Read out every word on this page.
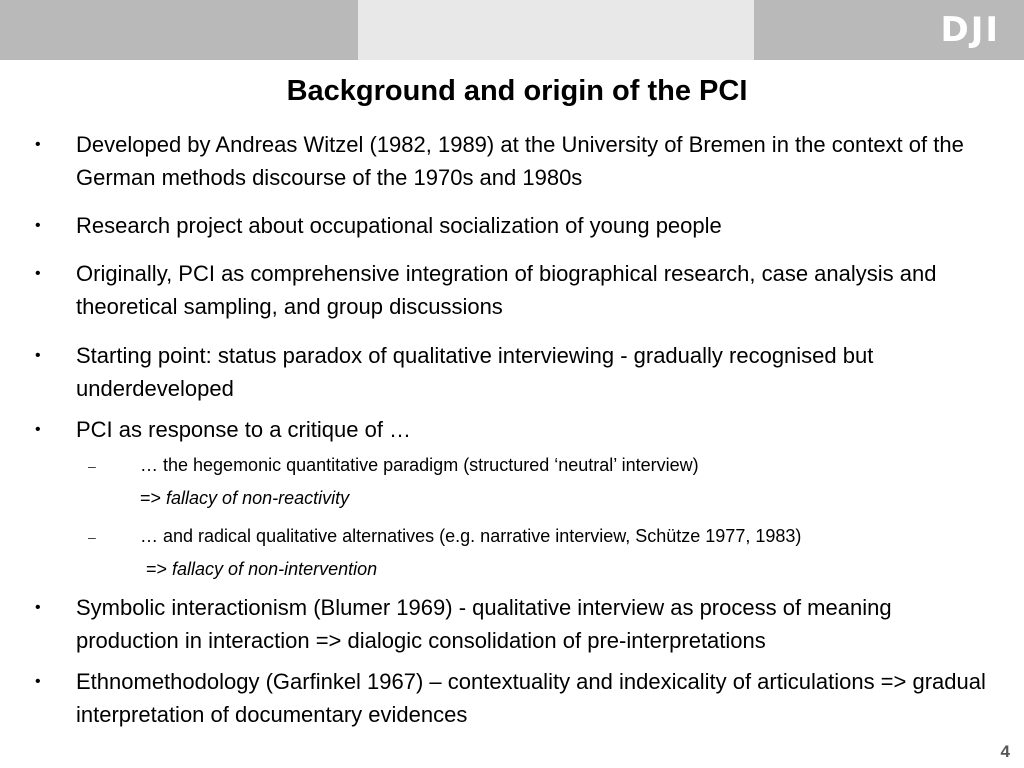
DJI
Background and origin of the PCI
• Developed by Andreas Witzel (1982, 1989) at the University of Bremen in the context of the German methods discourse of the 1970s and 1980s
• Research project about occupational socialization of young people
• Originally, PCI as comprehensive integration of biographical research, case analysis and theoretical sampling, and group discussions
• Starting point: status paradox of qualitative interviewing - gradually recognised but underdeveloped
• PCI as response to a critique of …
– … the hegemonic quantitative paradigm (structured ‘neutral’ interview)
=> fallacy of non-reactivity
– … and radical qualitative alternatives (e.g. narrative interview, Schütze 1977, 1983)
=> fallacy of non-intervention
• Symbolic interactionism (Blumer 1969) - qualitative interview as process of meaning production in interaction => dialogic consolidation of pre-interpretations
• Ethnomethodology (Garfinkel 1967) – contextuality and indexicality of articulations => gradual interpretation of documentary evidences
4
